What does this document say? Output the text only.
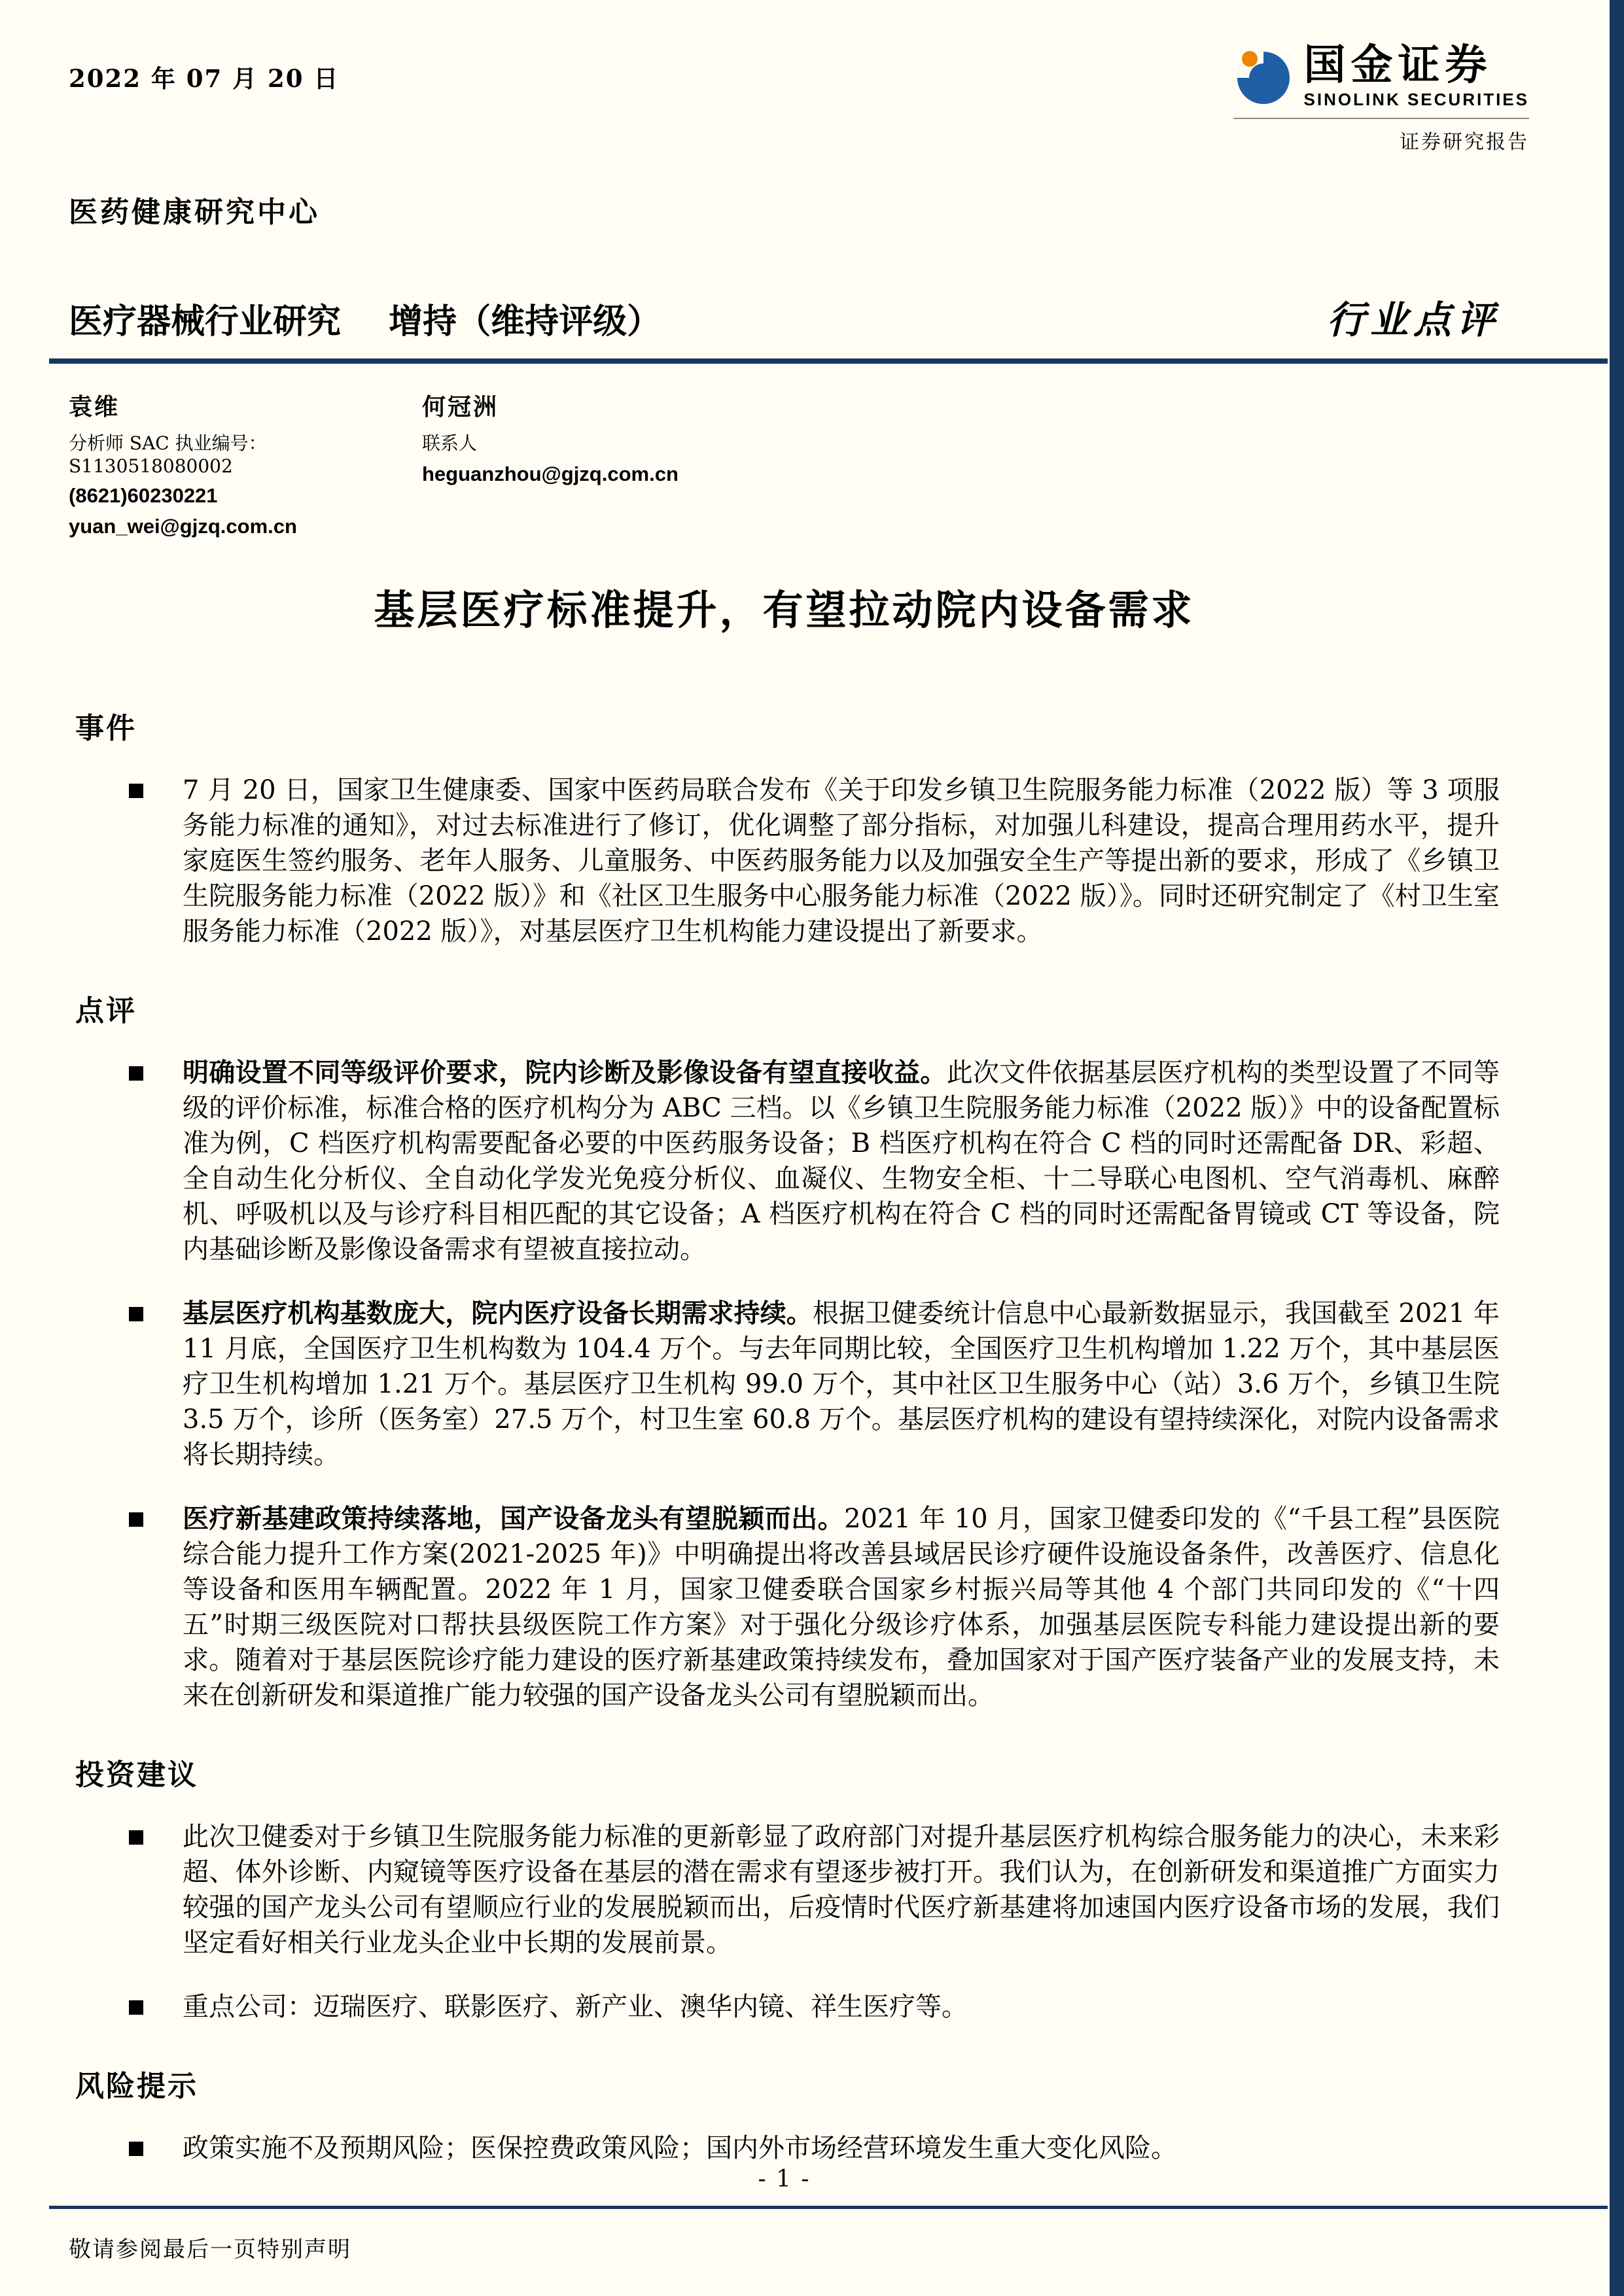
2022 年 07 月 20 日	国金证券
SINOLINK SECURITIES
证券研究报告
医药健康研究中心
医疗器械行业研究 增持（维持评级）	行业点评
袁维
分析师 SAC 执业编号：S1130518080002
(8621)60230221
yuan_wei@gjzq.com.cn
何冠洲
联系人
heguanzhou@gjzq.com.cn
基层医疗标准提升，有望拉动院内设备需求
事件

7 月 20 日，国家卫生健康委、国家中医药局联合发布《关于印发乡镇卫生院服务能力标准（2022 版）等 3 项服务能力标准的通知》，对过去标准进行了修订，优化调整了部分指标，对加强儿科建设，提高合理用药水平，提升家庭医生签约服务、老年人服务、儿童服务、中医药服务能力以及加强安全生产等提出新的要求，形成了《乡镇卫生院服务能力标准（2022 版）》和《社区卫生服务中心服务能力标准（2022 版）》。同时还研究制定了《村卫生室服务能力标准（2022 版）》，对基层医疗卫生机构能力建设提出了新要求。

点评

明确设置不同等级评价要求，院内诊断及影像设备有望直接收益。此次文件依据基层医疗机构的类型设置了不同等级的评价标准，标准合格的医疗机构分为 ABC 三档。以《乡镇卫生院服务能力标准（2022 版）》中的设备配置标准为例，C 档医疗机构需要配备必要的中医药服务设备；B 档医疗机构在符合 C 档的同时还需配备 DR、彩超、全自动生化分析仪、全自动化学发光免疫分析仪、血凝仪、生物安全柜、十二导联心电图机、空气消毒机、麻醉机、呼吸机以及与诊疗科目相匹配的其它设备；A 档医疗机构在符合 C 档的同时还需配备胃镜或 CT 等设备，院内基础诊断及影像设备需求有望被直接拉动。

基层医疗机构基数庞大，院内医疗设备长期需求持续。根据卫健委统计信息中心最新数据显示，我国截至 2021 年 11 月底，全国医疗卫生机构数为 104.4 万个。与去年同期比较，全国医疗卫生机构增加 1.22 万个，其中基层医疗卫生机构增加 1.21 万个。基层医疗卫生机构 99.0 万个，其中社区卫生服务中心（站）3.6 万个，乡镇卫生院 3.5 万个，诊所（医务室）27.5 万个，村卫生室 60.8 万个。基层医疗机构的建设有望持续深化，对院内设备需求将长期持续。

医疗新基建政策持续落地，国产设备龙头有望脱颖而出。2021 年 10 月，国家卫健委印发的《“千县工程”县医院综合能力提升工作方案(2021-2025 年)》中明确提出将改善县域居民诊疗硬件设施设备条件，改善医疗、信息化等设备和医用车辆配置。2022 年 1 月，国家卫健委联合国家乡村振兴局等其他 4 个部门共同印发的《“十四五”时期三级医院对口帮扶县级医院工作方案》对于强化分级诊疗体系，加强基层医院专科能力建设提出新的要求。随着对于基层医院诊疗能力建设的医疗新基建政策持续发布，叠加国家对于国产医疗装备产业的发展支持，未来在创新研发和渠道推广能力较强的国产设备龙头公司有望脱颖而出。

投资建议

此次卫健委对于乡镇卫生院服务能力标准的更新彰显了政府部门对提升基层医疗机构综合服务能力的决心，未来彩超、体外诊断、内窥镜等医疗设备在基层的潜在需求有望逐步被打开。我们认为，在创新研发和渠道推广方面实力较强的国产龙头公司有望顺应行业的发展脱颖而出，后疫情时代医疗新基建将加速国内医疗设备市场的发展，我们坚定看好相关行业龙头企业中长期的发展前景。

重点公司：迈瑞医疗、联影医疗、新产业、澳华内镜、祥生医疗等。

风险提示

政策实施不及预期风险；医保控费政策风险；国内外市场经营环境发生重大变化风险。

- 1 -
敬请参阅最后一页特别声明
